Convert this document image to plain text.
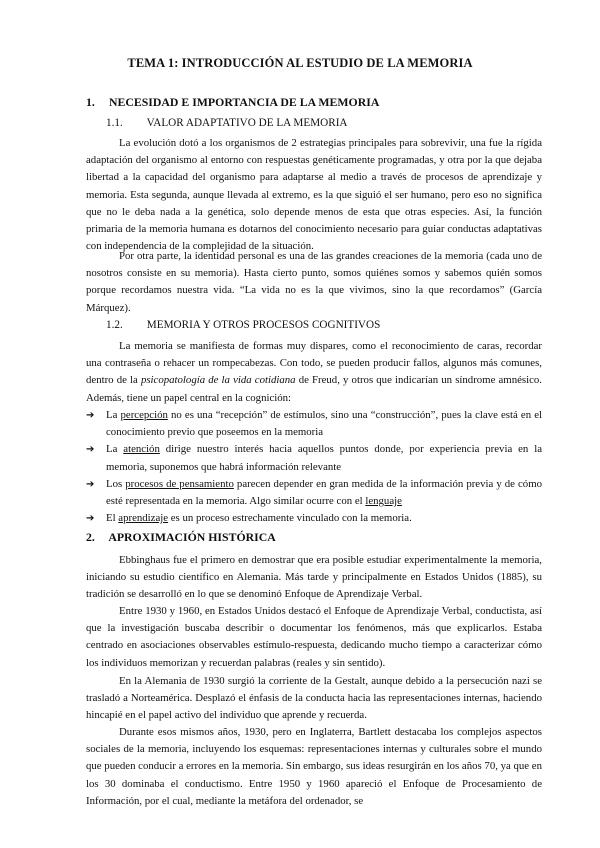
TEMA 1: INTRODUCCIÓN AL ESTUDIO DE LA MEMORIA
1. NECESIDAD E IMPORTANCIA DE LA MEMORIA
1.1. VALOR ADAPTATIVO DE LA MEMORIA

La evolución dotó a los organismos de 2 estrategias principales para sobrevivir, una fue la rígida adaptación del organismo al entorno con respuestas genéticamente programadas, y otra por la que dejaba libertad a la capacidad del organismo para adaptarse al medio a través de procesos de aprendizaje y memoria. Esta segunda, aunque llevada al extremo, es la que siguió el ser humano, pero eso no significa que no le deba nada a la genética, solo depende menos de esta que otras especies. Así, la función primaria de la memoria humana es dotarnos del conocimiento necesario para guiar conductas adaptativas con independencia de la complejidad de la situación.

Por otra parte, la identidad personal es una de las grandes creaciones de la memoria (cada uno de nosotros consiste en su memoria). Hasta cierto punto, somos quiénes somos y sabemos quién somos porque recordamos nuestra vida. “La vida no es la que vivimos, sino la que recordamos” (García Márquez).

1.2. MEMORIA Y OTROS PROCESOS COGNITIVOS

La memoria se manifiesta de formas muy dispares, como el reconocimiento de caras, recordar una contraseña o rehacer un rompecabezas. Con todo, se pueden producir fallos, algunos más comunes, dentro de la psicopatología de la vida cotidiana de Freud, y otros que indicarían un síndrome amnésico. Además, tiene un papel central en la cognición:

➔ La percepción no es una “recepción” de estímulos, sino una “construcción”, pues la clave está en el conocimiento previo que poseemos en la memoria
➔ La atención dirige nuestro interés hacia aquellos puntos donde, por experiencia previa en la memoria, suponemos que habrá información relevante
➔ Los procesos de pensamiento parecen depender en gran medida de la información previa y de cómo esté representada en la memoria. Algo similar ocurre con el lenguaje
➔ El aprendizaje es un proceso estrechamente vinculado con la memoria.
2. APROXIMACIÓN HISTÓRICA

Ebbinghaus fue el primero en demostrar que era posible estudiar experimentalmente la memoria, iniciando su estudio científico en Alemania. Más tarde y principalmente en Estados Unidos (1885), su tradición se desarrolló en lo que se denominó Enfoque de Aprendizaje Verbal.

Entre 1930 y 1960, en Estados Unidos destacó el Enfoque de Aprendizaje Verbal, conductista, así que la investigación buscaba describir o documentar los fenómenos, más que explicarlos. Estaba centrado en asociaciones observables estímulo-respuesta, dedicando mucho tiempo a caracterizar cómo los individuos memorizan y recuerdan palabras (reales y sin sentido).

En la Alemania de 1930 surgió la corriente de la Gestalt, aunque debido a la persecución nazi se trasladó a Norteamérica. Desplazó el énfasis de la conducta hacia las representaciones internas, haciendo hincapié en el papel activo del individuo que aprende y recuerda.

Durante esos mismos años, 1930, pero en Inglaterra, Bartlett destacaba los complejos aspectos sociales de la memoria, incluyendo los esquemas: representaciones internas y culturales sobre el mundo que pueden conducir a errores en la memoria. Sin embargo, sus ideas resurgirán en los años 70, ya que en los 30 dominaba el conductismo. Entre 1950 y 1960 apareció el Enfoque de Procesamiento de Información, por el cual, mediante la metáfora del ordenador, se
